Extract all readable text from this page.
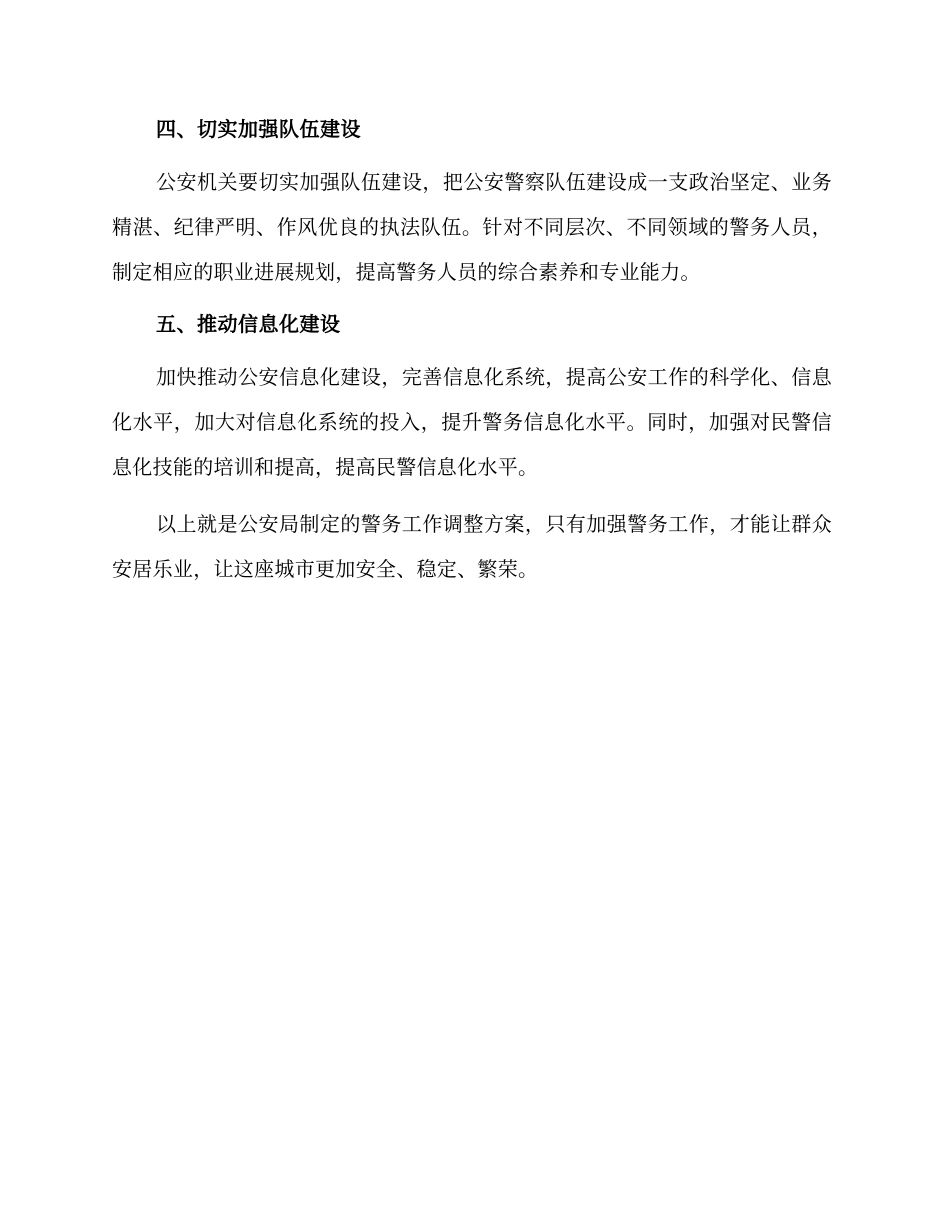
四、切实加强队伍建设

公安机关要切实加强队伍建设，把公安警察队伍建设成一支政治坚定、业务精湛、纪律严明、作风优良的执法队伍。针对不同层次、不同领域的警务人员，制定相应的职业进展规划，提高警务人员的综合素养和专业能力。

五、推动信息化建设

加快推动公安信息化建设，完善信息化系统，提高公安工作的科学化、信息化水平，加大对信息化系统的投入，提升警务信息化水平。同时，加强对民警信息化技能的培训和提高，提高民警信息化水平。

以上就是公安局制定的警务工作调整方案，只有加强警务工作，才能让群众安居乐业，让这座城市更加安全、稳定、繁荣。
